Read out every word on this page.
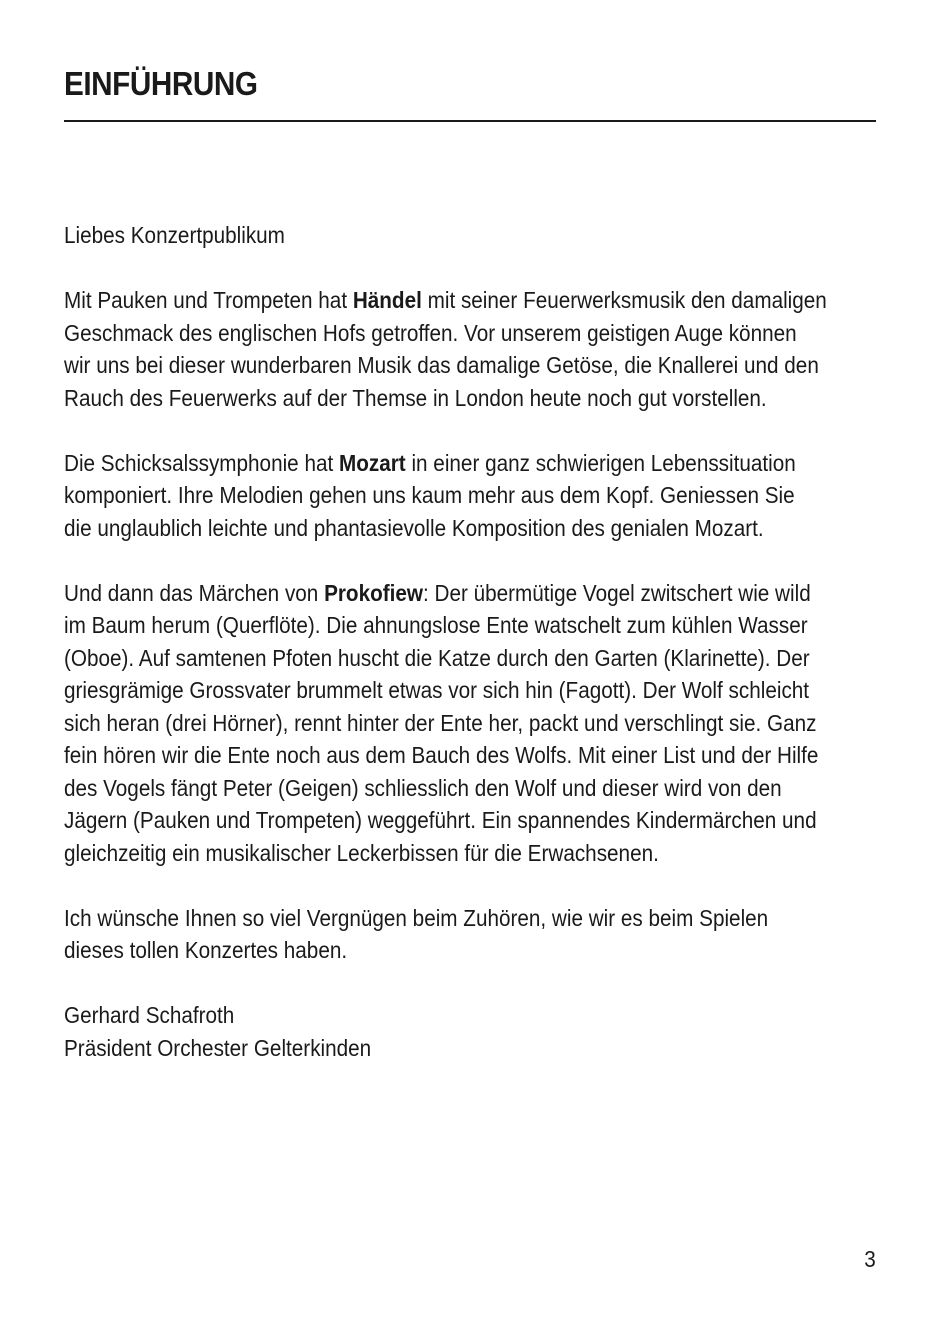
EINFÜHRUNG
Liebes Konzertpublikum
Mit Pauken und Trompeten hat Händel mit seiner Feuerwerksmusik den damaligen
Geschmack des englischen Hofs getroffen. Vor unserem geistigen Auge können
wir uns bei dieser wunderbaren Musik das damalige Getöse, die Knallerei und den
Rauch des Feuerwerks auf der Themse in London heute noch gut vorstellen.
Die Schicksalssymphonie hat Mozart in einer ganz schwierigen Lebenssituation
komponiert. Ihre Melodien gehen uns kaum mehr aus dem Kopf. Geniessen Sie
die unglaublich leichte und phantasievolle Komposition des genialen Mozart.
Und dann das Märchen von Prokofiew: Der übermütige Vogel zwitschert wie wild
im Baum herum (Querflöte). Die ahnungslose Ente watschelt zum kühlen Wasser
(Oboe). Auf samtenen Pfoten huscht die Katze durch den Garten (Klarinette). Der
griesgrämige Grossvater brummelt etwas vor sich hin (Fagott). Der Wolf schleicht
sich heran (drei Hörner), rennt hinter der Ente her, packt und verschlingt sie. Ganz
fein hören wir die Ente noch aus dem Bauch des Wolfs. Mit einer List und der Hilfe
des Vogels fängt Peter (Geigen) schliesslich den Wolf und dieser wird von den
Jägern (Pauken und Trompeten) weggeführt. Ein spannendes Kindermärchen und
gleichzeitig ein musikalischer Leckerbissen für die Erwachsenen.
Ich wünsche Ihnen so viel Vergnügen beim Zuhören, wie wir es beim Spielen
dieses tollen Konzertes haben.
Gerhard Schafroth
Präsident Orchester Gelterkinden
3
